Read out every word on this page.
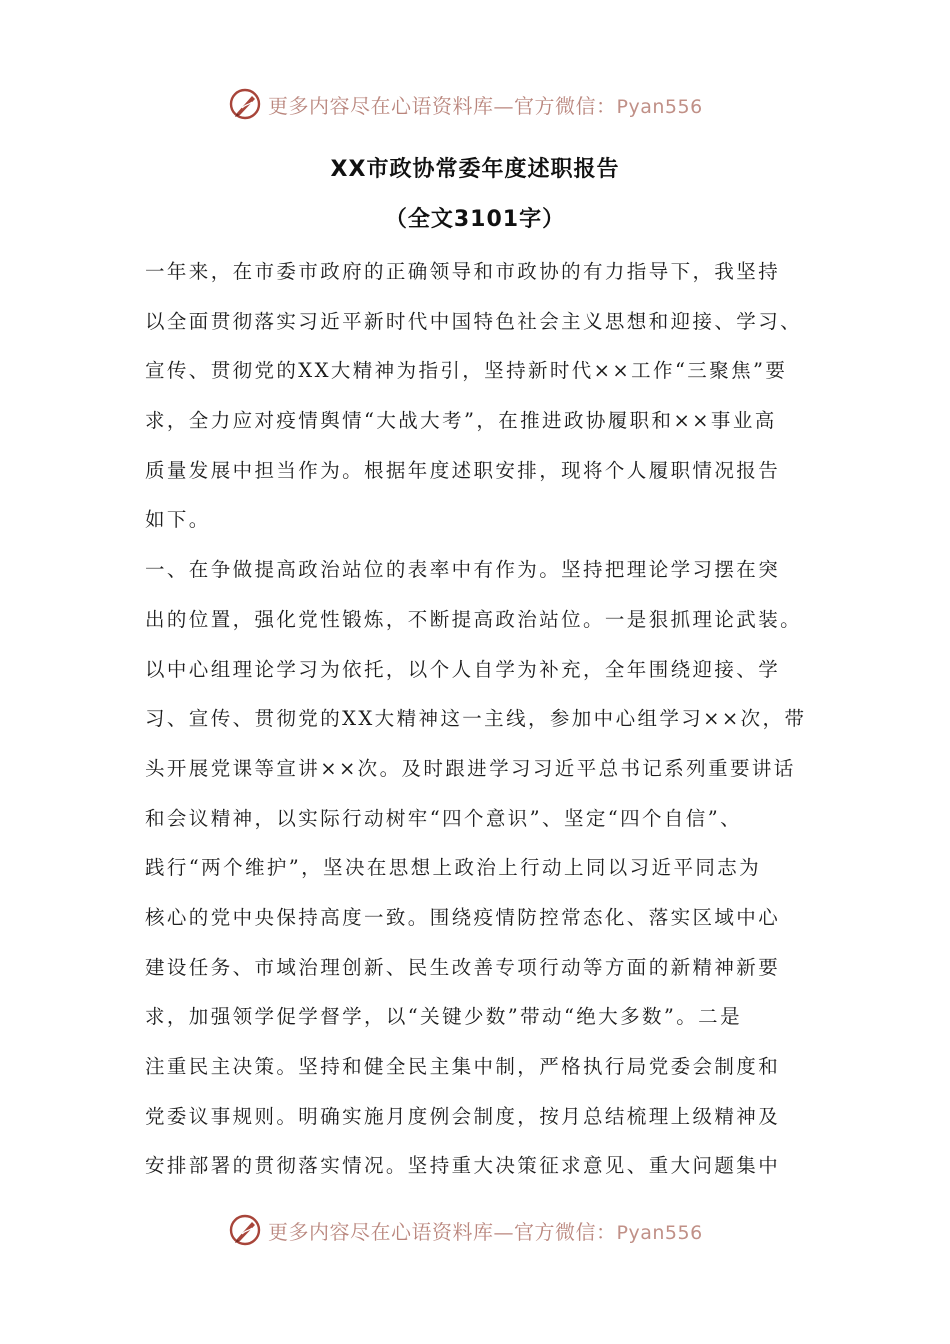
更多内容尽在心语资料库—官方微信：Pyan556
XX市政协常委年度述职报告
（全文3101字）
一年来，在市委市政府的正确领导和市政协的有力指导下，我坚持
以全面贯彻落实习近平新时代中国特色社会主义思想和迎接、学习、
宣传、贯彻党的XX大精神为指引，坚持新时代××工作“三聚焦”要
求，全力应对疫情舆情“大战大考”，在推进政协履职和××事业高
质量发展中担当作为。根据年度述职安排，现将个人履职情况报告
如下。
一、在争做提高政治站位的表率中有作为。坚持把理论学习摆在突
出的位置，强化党性锻炼，不断提高政治站位。一是狠抓理论武装。
以中心组理论学习为依托，以个人自学为补充，全年围绕迎接、学
习、宣传、贯彻党的XX大精神这一主线，参加中心组学习××次，带
头开展党课等宣讲××次。及时跟进学习习近平总书记系列重要讲话
和会议精神，以实际行动树牢“四个意识”、坚定“四个自信”、
践行“两个维护”，坚决在思想上政治上行动上同以习近平同志为
核心的党中央保持高度一致。围绕疫情防控常态化、落实区域中心
建设任务、市域治理创新、民生改善专项行动等方面的新精神新要
求，加强领学促学督学，以“关键少数”带动“绝大多数”。二是
注重民主决策。坚持和健全民主集中制，严格执行局党委会制度和
党委议事规则。明确实施月度例会制度，按月总结梳理上级精神及
安排部署的贯彻落实情况。坚持重大决策征求意见、重大问题集中
更多内容尽在心语资料库—官方微信：Pyan556
